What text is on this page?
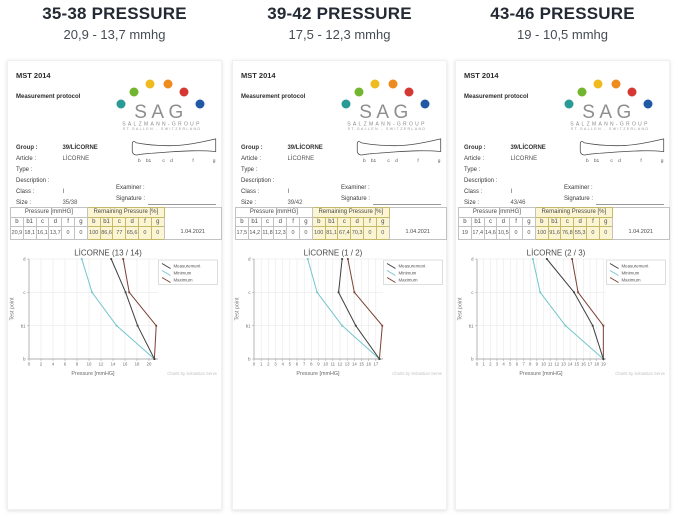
35-38 PRESSURE
20,9 - 13,7 mmhg
MST 2014
Measurement protocol
SAG
SALZMANN-GROUP
ST.GALLEN - SWITZERLAND
Group :	39/LİCORNE
Article :	LİCORNE
Type :
Description :
Class :	I
Size :	35/38
Examiner :
Signature :
b b1 c d	f	g
Pressure [mmHG]						Remaining Pressure [%]						1.04.2021
b	b1	c	d	f	g	b	b1	c	d	f	g	
20,9	18,1	16,1	13,7	0	0	100	86,6	77	65,6	0	0	
0 2 4 6 8 10 12 14 16 18 20
b
b1
c
d
LİCORNE (13 / 14)
Pressure [mmHG]
Test point
Measurement
Minimum
Maximum
Charts by Sebastian Serve
39-42 PRESSURE
17,5 - 12,3 mmhg
MST 2014
Measurement protocol
SAG
SALZMANN-GROUP
ST.GALLEN - SWITZERLAND
Group :	39/LİCORNE
Article :	LİCORNE
Type :
Description :
Class :	I
Size :	39/42
Examiner :
Signature :
b b1 c d	f	g
Pressure [mmHG]						Remaining Pressure [%]						1.04.2021
b	b1	c	d	f	g	b	b1	c	d	f	g	
17,5	14,2	11,8	12,3	0	0	100	81,1	67,4	70,3	0	0	
0 1 2 3 4 5 6 7 8 9 10 11 12 13 14 15 16 17
b
b1
c
d
LİCORNE (1 / 2)
Pressure [mmHG]
Test point
Measurement
Minimum
Maximum
Charts by Sebastian Serve
43-46 PRESSURE
19 - 10,5 mmhg
MST 2014
Measurement protocol
SAG
SALZMANN-GROUP
ST.GALLEN - SWITZERLAND
Group :	39/LİCORNE
Article :	LİCORNE
Type :
Description :
Class :	I
Size :	43/46
Examiner :
Signature :
b b1 c d	f	g
Pressure [mmHG]						Remaining Pressure [%]						1.04.2021
b	b1	c	d	f	g	b	b1	c	d	f	g	
19	17,4	14,6	10,5	0	0	100	91,6	76,8	55,3	0	0	
0 1 2 3 4 5 6 7 8 9 10 11 12 13 14 15 16 17 18 19
b
b1
c
d
LİCORNE (2 / 3)
Pressure [mmHG]
Test point
Measurement
Minimum
Maximum
Charts by Sebastian Serve
